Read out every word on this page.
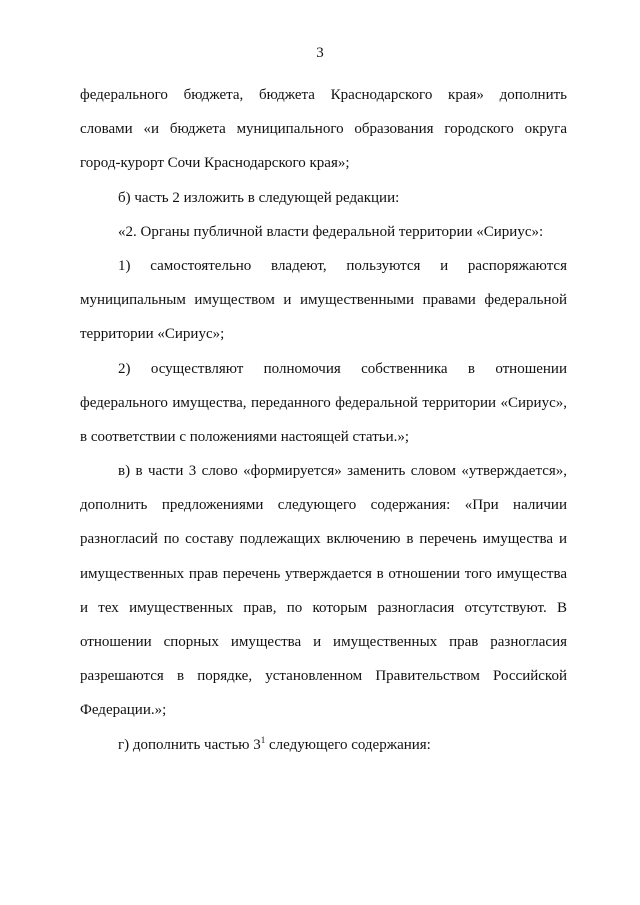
3
федерального бюджета, бюджета Краснодарского края» дополнить
словами «и бюджета муниципального образования городского округа
город-курорт Сочи Краснодарского края»;
б) часть 2 изложить в следующей редакции:
«2. Органы публичной власти федеральной территории «Сириус»:
1) самостоятельно владеют, пользуются и распоряжаются
муниципальным имуществом и имущественными правами федеральной
территории «Сириус»;
2) осуществляют полномочия собственника в отношении
федерального имущества, переданного федеральной территории «Сириус»,
в соответствии с положениями настоящей статьи.»;
в) в части 3 слово «формируется» заменить словом «утверждается»,
дополнить предложениями следующего содержания: «При наличии
разногласий по составу подлежащих включению в перечень имущества и
имущественных прав перечень утверждается в отношении того имущества
и тех имущественных прав, по которым разногласия отсутствуют. В
отношении спорных имущества и имущественных прав разногласия
разрешаются в порядке, установленном Правительством Российской
Федерации.»;
г) дополнить частью $3^1$ следующего содержания:
